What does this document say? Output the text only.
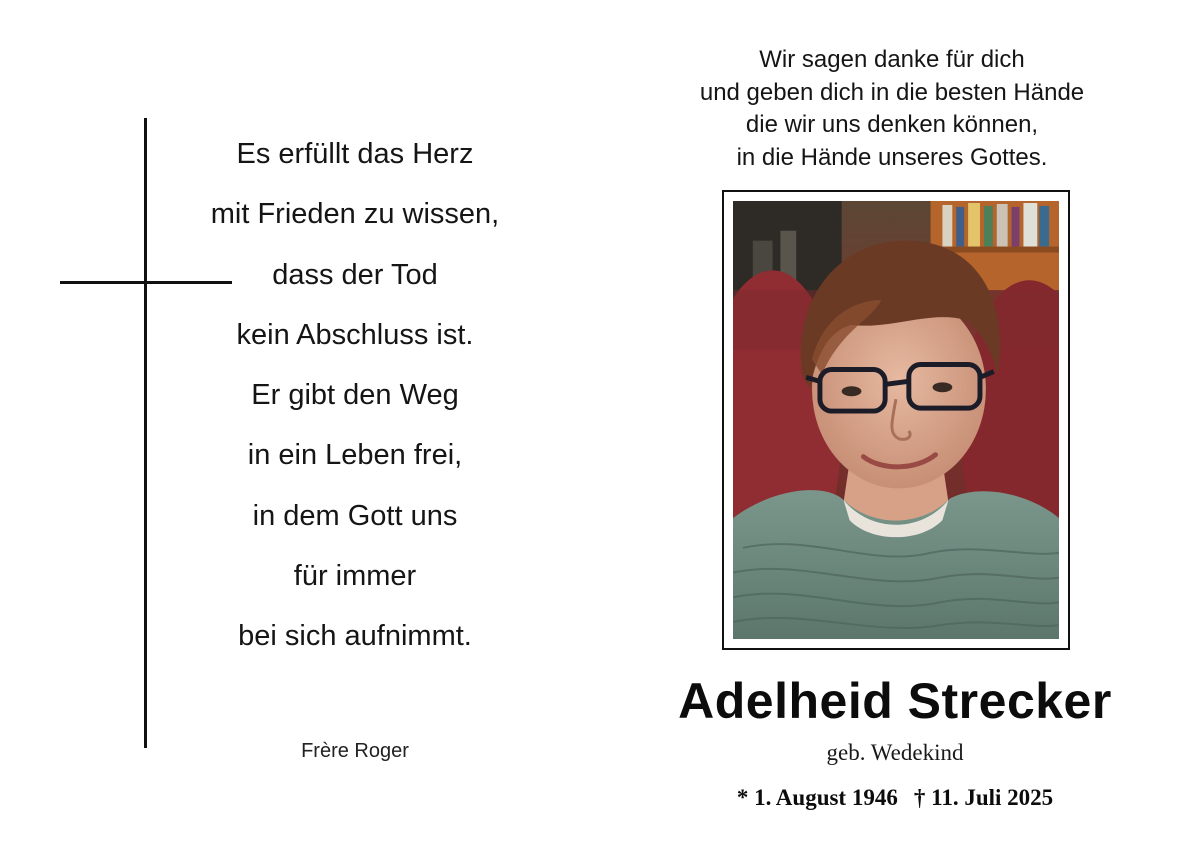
Es erfüllt das Herz
mit Frieden zu wissen,
dass der Tod
kein Abschluss ist.
Er gibt den Weg
in ein Leben frei,
in dem Gott uns
für immer
bei sich aufnimmt.
Frère Roger
Wir sagen danke für dich
und geben dich in die besten Hände
die wir uns denken können,
in die Hände unseres Gottes.
Adelheid Strecker
geb. Wedekind
* 1. August 1946 † 11. Juli 2025
